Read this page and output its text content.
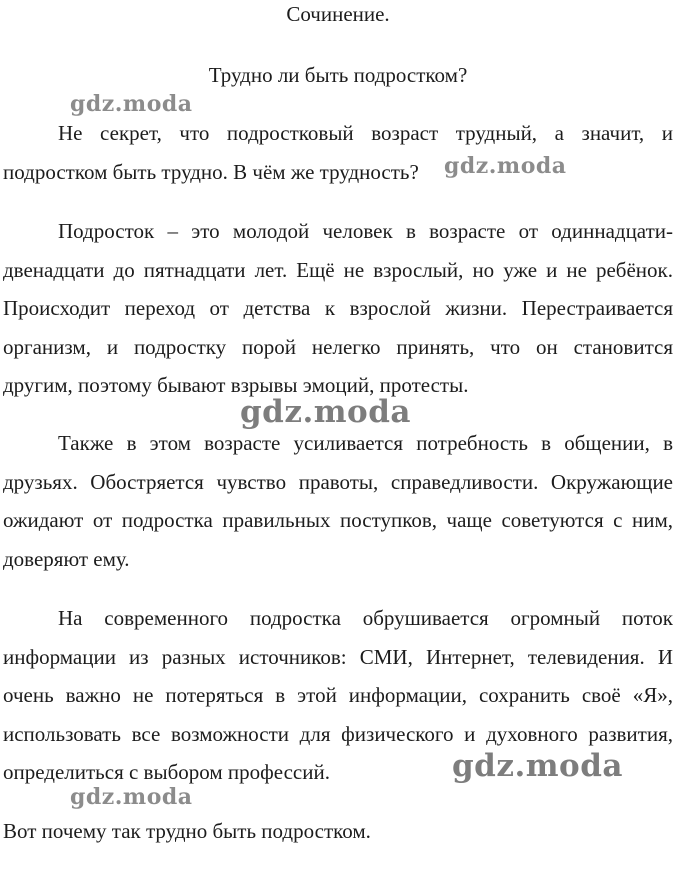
Сочинение.
Трудно ли быть подростком?
Не секрет, что подростковый возраст трудный, а значит, и
подростком быть трудно. В чём же трудность?
Подросток – это молодой человек в возрасте от одиннадцати-
двенадцати до пятнадцати лет. Ещё не взрослый, но уже и не ребёнок.
Происходит переход от детства к взрослой жизни. Перестраивается
организм, и подростку порой нелегко принять, что он становится
другим, поэтому бывают взрывы эмоций, протесты.
Также в этом возрасте усиливается потребность в общении, в
друзьях. Обостряется чувство правоты, справедливости. Окружающие
ожидают от подростка правильных поступков, чаще советуются с ним,
доверяют ему.
На современного подростка обрушивается огромный поток
информации из разных источников: СМИ, Интернет, телевидения. И
очень важно не потеряться в этой информации, сохранить своё «Я»,
использовать все возможности для физического и духовного развития,
определиться с выбором профессий.
Вот почему так трудно быть подростком.
gdz.moda
gdz.moda
gdz.moda
gdz.moda
gdz.moda
